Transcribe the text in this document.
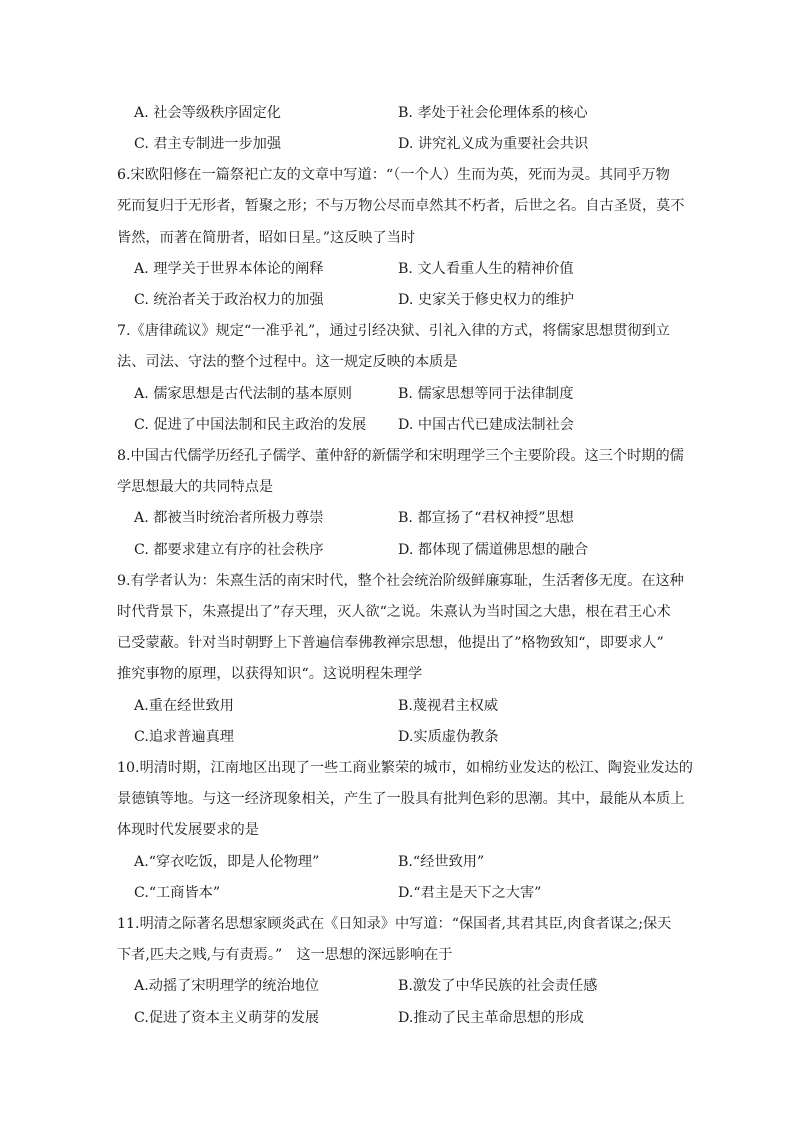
A. 社会等级秩序固定化	B. 孝处于社会伦理体系的核心
C. 君主专制进一步加强	D. 讲究礼义成为重要社会共识
6.宋欧阳修在一篇祭祀亡友的文章中写道：“（一个人）生而为英，死而为灵。其同乎万物
死而复归于无形者，暂聚之形；不与万物公尽而卓然其不朽者，后世之名。自古圣贤，莫不
皆然，而著在简册者，昭如日星。”这反映了当时
A. 理学关于世界本体论的阐释	B. 文人看重人生的精神价值
C. 统治者关于政治权力的加强	D. 史家关于修史权力的维护
7.《唐律疏议》规定“一准乎礼”，通过引经决狱、引礼入律的方式，将儒家思想贯彻到立
法、司法、守法的整个过程中。这一规定反映的本质是
A. 儒家思想是古代法制的基本原则	B. 儒家思想等同于法律制度
C. 促进了中国法制和民主政治的发展 D. 中国古代已建成法制社会
8.中国古代儒学历经孔子儒学、董仲舒的新儒学和宋明理学三个主要阶段。这三个时期的儒
学思想最大的共同特点是
A. 都被当时统治者所极力尊崇	B. 都宣扬了“君权神授”思想
C. 都要求建立有序的社会秩序	D. 都体现了儒道佛思想的融合
9.有学者认为：朱熹生活的南宋时代，整个社会统治阶级鲜廉寡耻，生活奢侈无度。在这种
时代背景下，朱熹提出了”存天理，灭人欲“之说。朱熹认为当时国之大患，根在君王心术
已受蒙蔽。针对当时朝野上下普遍信奉佛教禅宗思想，他提出了”格物致知“，即要求人”
推究事物的原理，以获得知识“。这说明程朱理学
A.重在经世致用	B.蔑视君主权威
C.追求普遍真理	D.实质虚伪教条
10.明清时期，江南地区出现了一些工商业繁荣的城市，如棉纺业发达的松江、陶瓷业发达的
景德镇等地。与这一经济现象相关，产生了一股具有批判色彩的思潮。其中，最能从本质上
体现时代发展要求的是
A.“穿衣吃饭，即是人伦物理”	B.“经世致用”
C.“工商皆本”	D.“君主是天下之大害”
11.明清之际著名思想家顾炎武在《日知录》中写道：“保国者,其君其臣,肉食者谋之;保天
下者,匹夫之贱,与有责焉。”　这一思想的深远影响在于
A.动摇了宋明理学的统治地位	B.激发了中华民族的社会责任感
C.促进了资本主义萌芽的发展	D.推动了民主革命思想的形成
